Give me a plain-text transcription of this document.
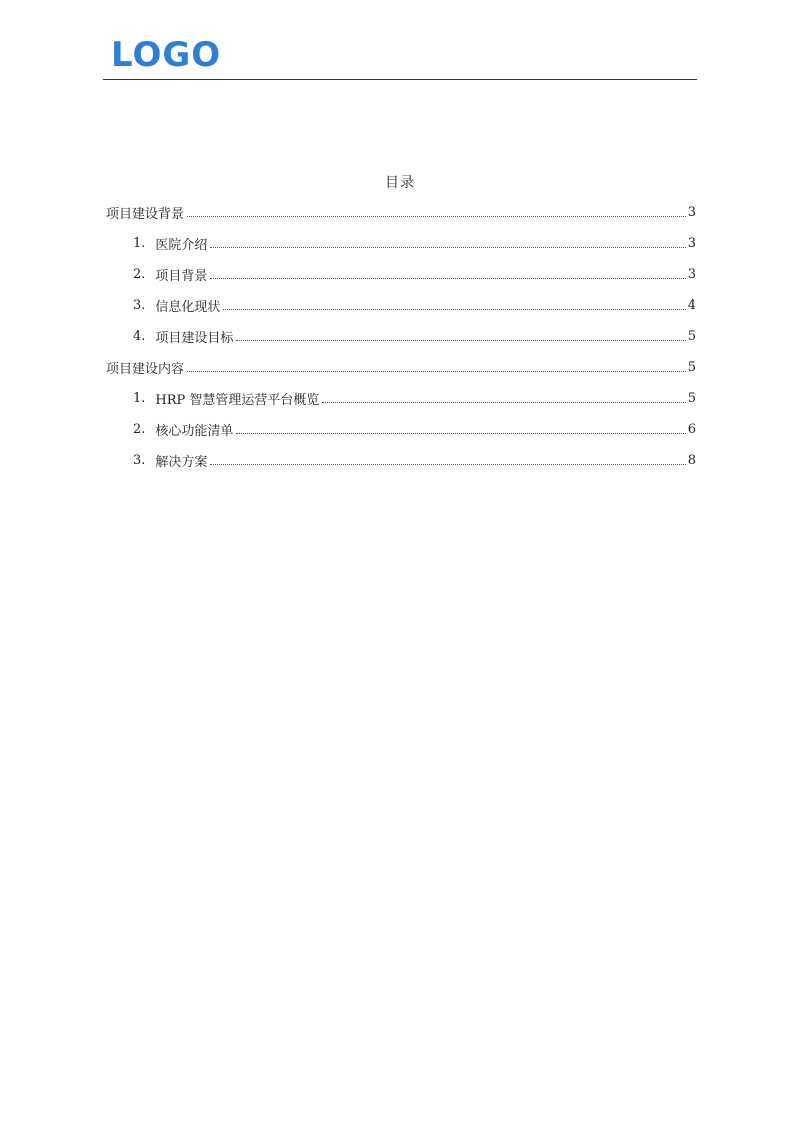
LOGO
目录
项目建设背景	3
1. 医院介绍	3
2. 项目背景	3
3. 信息化现状	4
4. 项目建设目标	5
项目建设内容	5
1. HRP 智慧管理运营平台概览	5
2. 核心功能清单	6
3. 解决方案	8
